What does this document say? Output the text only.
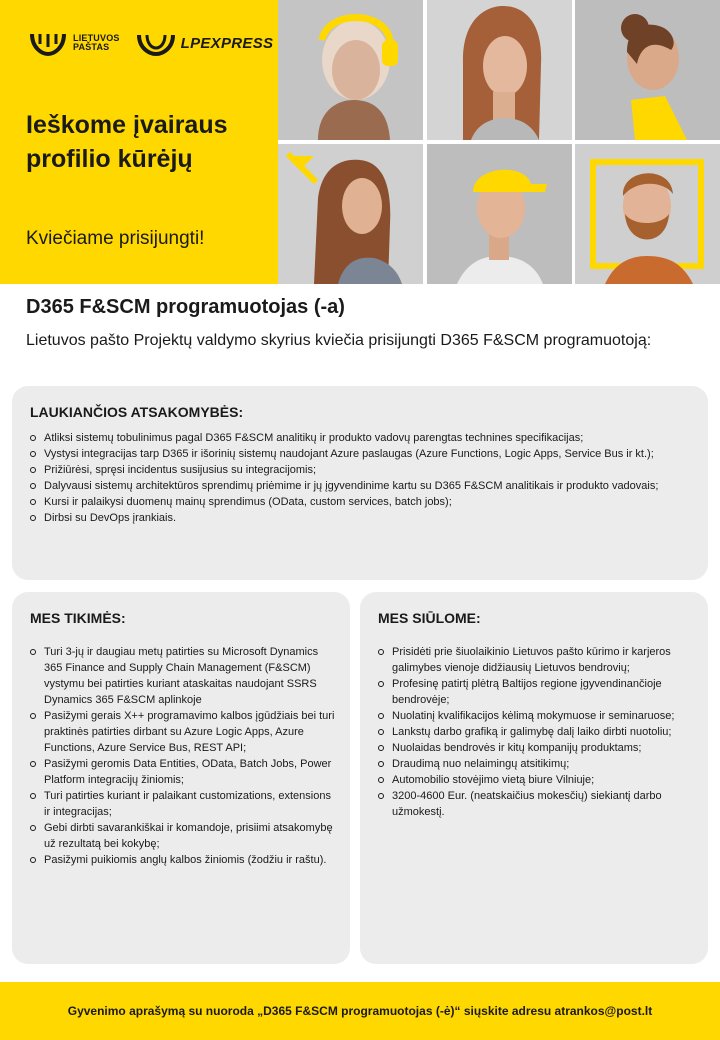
LIETUVOS
PAŠTAS	LPEXPRESS
Ieškome įvairaus profilio kūrėjų
Kviečiame prisijungti!
D365 F&SCM programuotojas (-a)
Lietuvos pašto Projektų valdymo skyrius kviečia prisijungti D365 F&SCM programuotoją:
LAUKIANČIOS ATSAKOMYBĖS:
Atliksi sistemų tobulinimus pagal D365 F&SCM analitikų ir produkto vadovų parengtas technines specifikacijas;
Vystysi integracijas tarp D365 ir išorinių sistemų naudojant Azure paslaugas (Azure Functions, Logic Apps, Service Bus ir kt.);
Prižiūrėsi, spręsi incidentus susijusius su integracijomis;
Dalyvausi sistemų architektūros sprendimų priėmime ir jų įgyvendinime kartu su D365 F&SCM analitikais ir produkto vadovais;
Kursi ir palaikysi duomenų mainų sprendimus (OData, custom services, batch jobs);
Dirbsi su DevOps įrankiais.
MES TIKIMĖS:
Turi 3-jų ir daugiau metų patirties su Microsoft Dynamics 365 Finance and Supply Chain Management (F&SCM) vystymu bei patirties kuriant ataskaitas naudojant SSRS Dynamics 365 F&SCM aplinkoje
Pasižymi gerais X++ programavimo kalbos įgūdžiais bei turi praktinės patirties dirbant su Azure Logic Apps, Azure Functions, Azure Service Bus, REST API;
Pasižymi geromis Data Entities, OData, Batch Jobs, Power Platform integracijų žiniomis;
Turi patirties kuriant ir palaikant customizations, extensions ir integracijas;
Gebi dirbti savarankiškai ir komandoje, prisiimi atsakomybę už rezultatą bei kokybę;
Pasižymi puikiomis anglų kalbos žiniomis (žodžiu ir raštu).
MES SIŪLOME:
Prisidėti prie šiuolaikinio Lietuvos pašto kūrimo ir karjeros galimybes vienoje didžiausių Lietuvos bendrovių;
Profesinę patirtį plėtrą Baltijos regione įgyvendinančioje bendrovėje;
Nuolatinį kvalifikacijos kėlimą mokymuose ir seminaruose;
Lankstų darbo grafiką ir galimybę dalį laiko dirbti nuotoliu;
Nuolaidas bendrovės ir kitų kompanijų produktams;
Draudimą nuo nelaimingų atsitikimų;
Automobilio stovėjimo vietą biure Vilniuje;
3200-4600 Eur. (neatskaičius mokesčių) siekiantį darbo užmokestį.
Gyvenimo aprašymą su nuoroda „D365 F&SCM programuotojas (-ė)“ siųskite adresu atrankos@post.lt
